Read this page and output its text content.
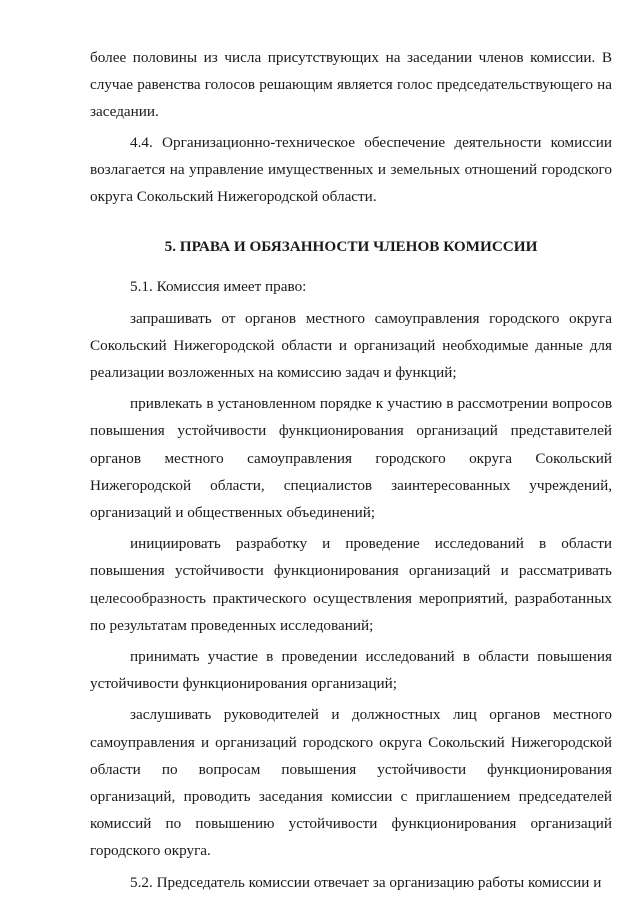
более половины из числа присутствующих на заседании членов комиссии. В случае равенства голосов решающим является голос председательствующего на заседании.

4.4. Организационно-техническое обеспечение деятельности комиссии возлагается на управление имущественных и земельных отношений городского округа Сокольский Нижегородской области.

5. ПРАВА И ОБЯЗАННОСТИ ЧЛЕНОВ КОМИССИИ

5.1. Комиссия имеет право:

запрашивать от органов местного самоуправления городского округа Сокольский Нижегородской области и организаций необходимые данные для реализации возложенных на комиссию задач и функций;

привлекать в установленном порядке к участию в рассмотрении вопросов повышения устойчивости функционирования организаций представителей органов местного самоуправления городского округа Сокольский Нижегородской области, специалистов заинтересованных учреждений, организаций и общественных объединений;

инициировать разработку и проведение исследований в области повышения устойчивости функционирования организаций и рассматривать целесообразность практического осуществления мероприятий, разработанных по результатам проведенных исследований;

принимать участие в проведении исследований в области повышения устойчивости функционирования организаций;

заслушивать руководителей и должностных лиц органов местного самоуправления и организаций городского округа Сокольский Нижегородской области по вопросам повышения устойчивости функционирования организаций, проводить заседания комиссии с приглашением председателей комиссий по повышению устойчивости функционирования организаций городского округа.

5.2. Председатель комиссии отвечает за организацию работы комиссии и
